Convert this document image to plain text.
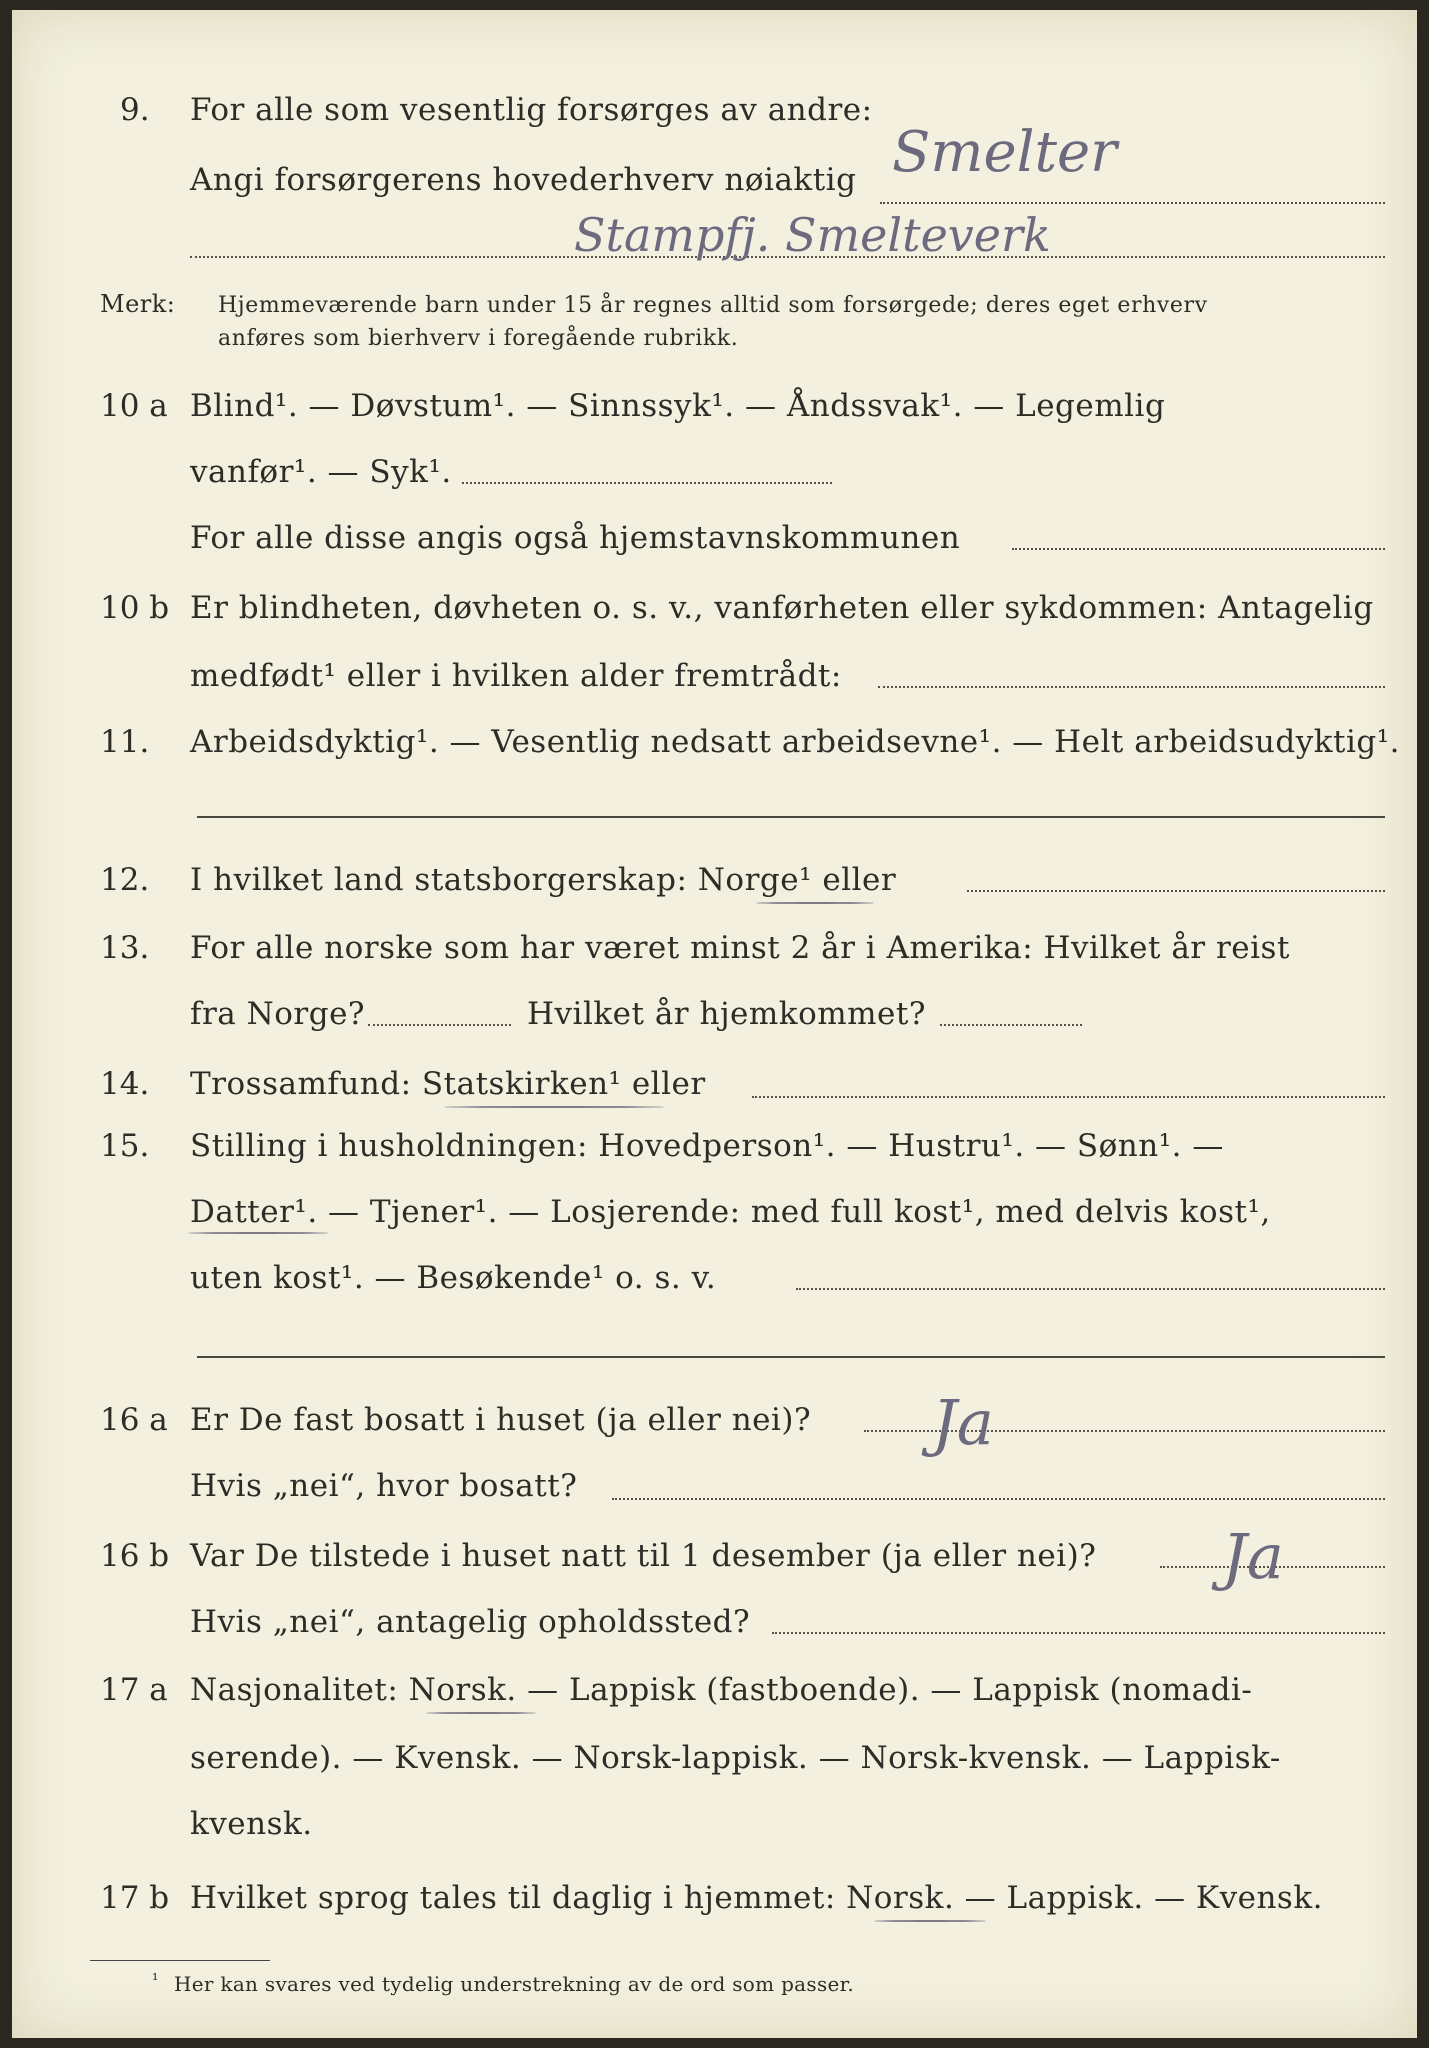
9. For alle som vesentlig forsørges av andre:
Angi forsørgerens hovederhverv nøiaktig Smelter
Stampfj. Smelteverk
Merk: Hjemmeværende barn under 15 år regnes alltid som forsørgede; deres eget erhverv
anføres som bierhverv i foregående rubrikk.
10 a Blind¹. — Døvstum¹. — Sinnssyk¹. — Åndssvak¹. — Legemlig
vanfør¹. — Syk¹.
For alle disse angis også hjemstavnskommunen
10 b Er blindheten, døvheten o. s. v., vanførheten eller sykdommen: Antagelig
medfødt¹ eller i hvilken alder fremtrådt:
11. Arbeidsdyktig¹. — Vesentlig nedsatt arbeidsevne¹. — Helt arbeidsudyktig¹.
12. I hvilket land statsborgerskap: Norge¹ eller
13. For alle norske som har været minst 2 år i Amerika: Hvilket år reist
fra Norge?	Hvilket år hjemkommet?
14. Trossamfund: Statskirken¹ eller
15. Stilling i husholdningen: Hovedperson¹. — Hustru¹. — Sønn¹. —
Datter¹. — Tjener¹. — Losjerende: med full kost¹, med delvis kost¹,
uten kost¹. — Besøkende¹ o. s. v.
16 a Er De fast bosatt i huset (ja eller nei)? Ja
Hvis „nei“, hvor bosatt?
16 b Var De tilstede i huset natt til 1 desember (ja eller nei)? Ja
Hvis „nei“, antagelig opholdssted?
17 a Nasjonalitet: Norsk. — Lappisk (fastboende). — Lappisk (nomadi-
serende). — Kvensk. — Norsk-lappisk. — Norsk-kvensk. — Lappisk-
kvensk.
17 b Hvilket sprog tales til daglig i hjemmet: Norsk. — Lappisk. — Kvensk.
¹ Her kan svares ved tydelig understrekning av de ord som passer.
